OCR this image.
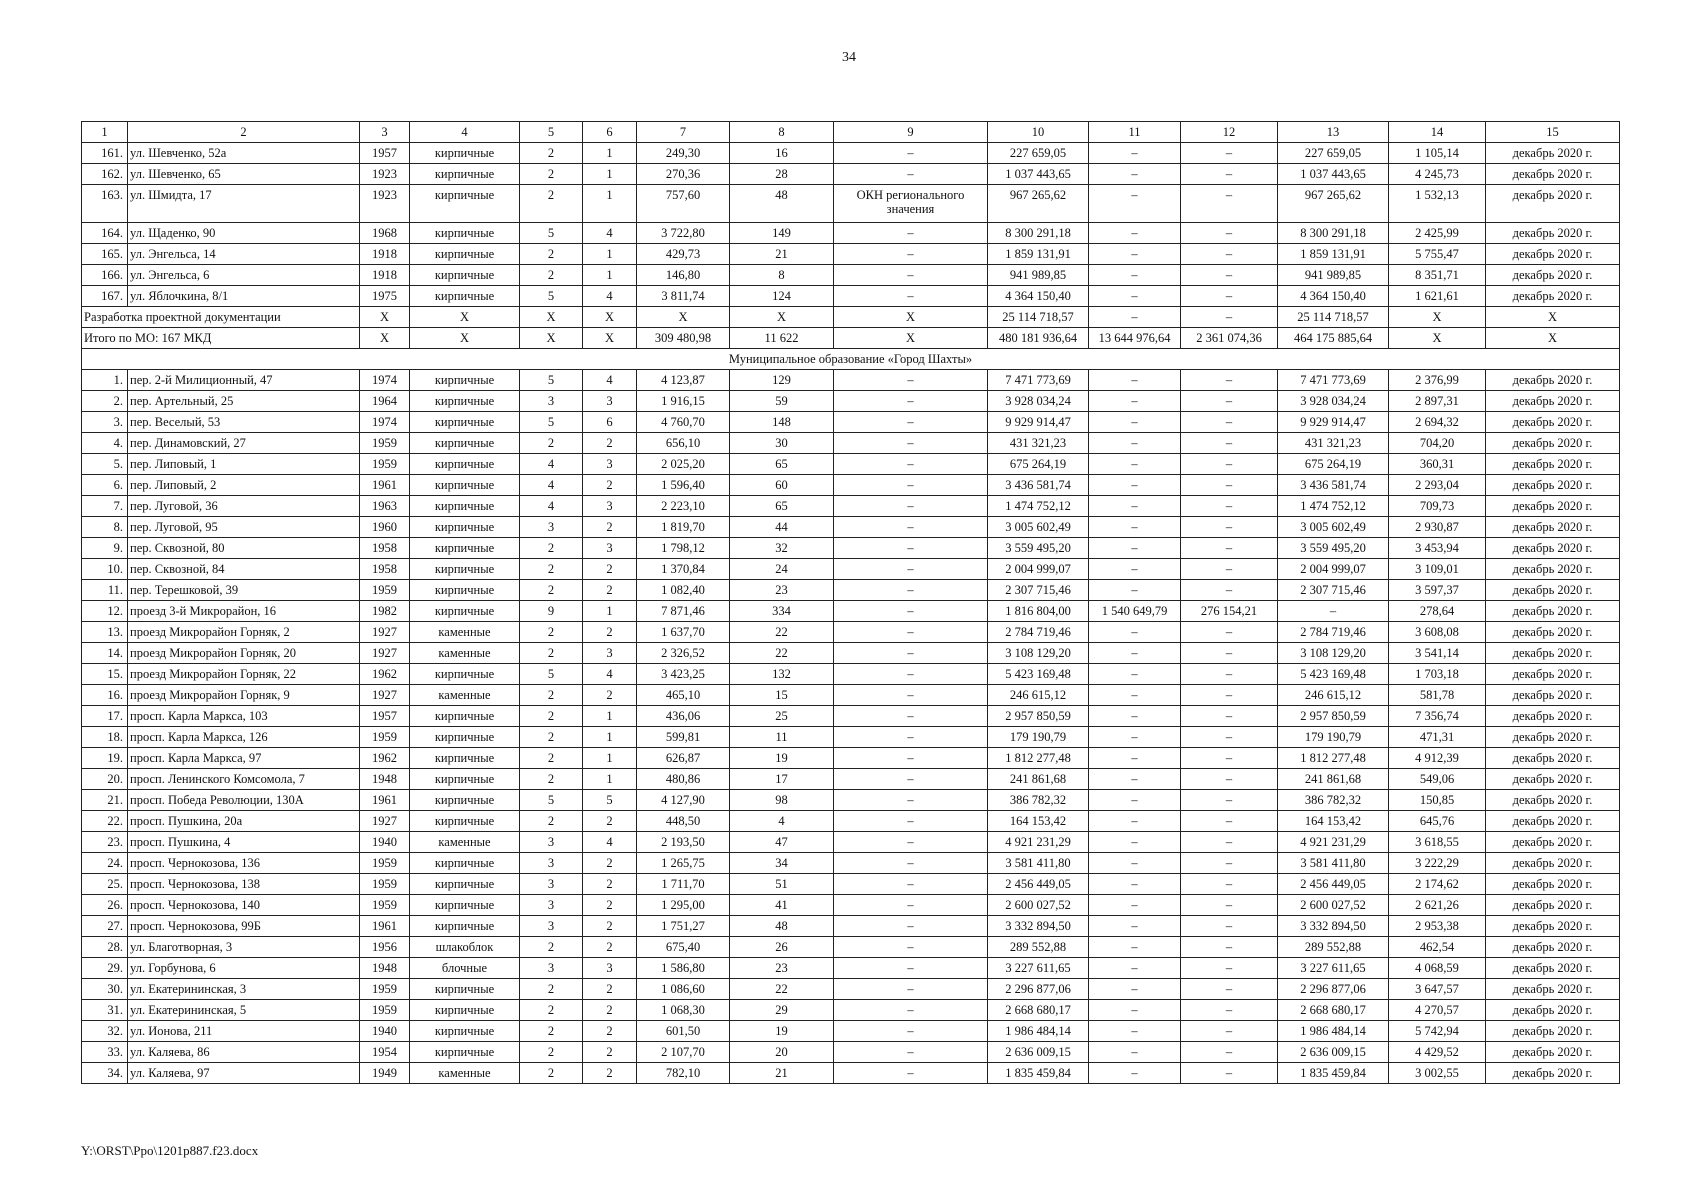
34
1	2	3	4	5	6	7	8	9	10	11	12	13	14	15
161.	ул. Шевченко, 52а	1957	кирпичные	2	1	249,30	16	–	227 659,05	–	–	227 659,05	1 105,14	декабрь 2020 г.
162.	ул. Шевченко, 65	1923	кирпичные	2	1	270,36	28	–	1 037 443,65	–	–	1 037 443,65	4 245,73	декабрь 2020 г.
163.	ул. Шмидта, 17	1923	кирпичные	2	1	757,60	48	ОКН регионального значения	967 265,62	–	–	967 265,62	1 532,13	декабрь 2020 г.
164.	ул. Щаденко, 90	1968	кирпичные	5	4	3 722,80	149	–	8 300 291,18	–	–	8 300 291,18	2 425,99	декабрь 2020 г.
165.	ул. Энгельса, 14	1918	кирпичные	2	1	429,73	21	–	1 859 131,91	–	–	1 859 131,91	5 755,47	декабрь 2020 г.
166.	ул. Энгельса, 6	1918	кирпичные	2	1	146,80	8	–	941 989,85	–	–	941 989,85	8 351,71	декабрь 2020 г.
167.	ул. Яблочкина, 8/1	1975	кирпичные	5	4	3 811,74	124	–	4 364 150,40	–	–	4 364 150,40	1 621,61	декабрь 2020 г.
Разработка проектной документации		Х	Х	Х	Х	Х	Х	Х	25 114 718,57	–	–	25 114 718,57	Х	Х
Итого по МО: 167 МКД		Х	Х	Х	Х	309 480,98	11 622	Х	480 181 936,64	13 644 976,64	2 361 074,36	464 175 885,64	Х	Х
Муниципальное образование «Город Шахты»														
1.	пер. 2-й Милиционный, 47	1974	кирпичные	5	4	4 123,87	129	–	7 471 773,69	–	–	7 471 773,69	2 376,99	декабрь 2020 г.
2.	пер. Артельный, 25	1964	кирпичные	3	3	1 916,15	59	–	3 928 034,24	–	–	3 928 034,24	2 897,31	декабрь 2020 г.
3.	пер. Веселый, 53	1974	кирпичные	5	6	4 760,70	148	–	9 929 914,47	–	–	9 929 914,47	2 694,32	декабрь 2020 г.
4.	пер. Динамовский, 27	1959	кирпичные	2	2	656,10	30	–	431 321,23	–	–	431 321,23	704,20	декабрь 2020 г.
5.	пер. Липовый, 1	1959	кирпичные	4	3	2 025,20	65	–	675 264,19	–	–	675 264,19	360,31	декабрь 2020 г.
6.	пер. Липовый, 2	1961	кирпичные	4	2	1 596,40	60	–	3 436 581,74	–	–	3 436 581,74	2 293,04	декабрь 2020 г.
7.	пер. Луговой, 36	1963	кирпичные	4	3	2 223,10	65	–	1 474 752,12	–	–	1 474 752,12	709,73	декабрь 2020 г.
8.	пер. Луговой, 95	1960	кирпичные	3	2	1 819,70	44	–	3 005 602,49	–	–	3 005 602,49	2 930,87	декабрь 2020 г.
9.	пер. Сквозной, 80	1958	кирпичные	2	3	1 798,12	32	–	3 559 495,20	–	–	3 559 495,20	3 453,94	декабрь 2020 г.
10.	пер. Сквозной, 84	1958	кирпичные	2	2	1 370,84	24	–	2 004 999,07	–	–	2 004 999,07	3 109,01	декабрь 2020 г.
11.	пер. Терешковой, 39	1959	кирпичные	2	2	1 082,40	23	–	2 307 715,46	–	–	2 307 715,46	3 597,37	декабрь 2020 г.
12.	проезд 3-й Микрорайон, 16	1982	кирпичные	9	1	7 871,46	334	–	1 816 804,00	1 540 649,79	276 154,21	–	278,64	декабрь 2020 г.
13.	проезд Микрорайон Горняк, 2	1927	каменные	2	2	1 637,70	22	–	2 784 719,46	–	–	2 784 719,46	3 608,08	декабрь 2020 г.
14.	проезд Микрорайон Горняк, 20	1927	каменные	2	3	2 326,52	22	–	3 108 129,20	–	–	3 108 129,20	3 541,14	декабрь 2020 г.
15.	проезд Микрорайон Горняк, 22	1962	кирпичные	5	4	3 423,25	132	–	5 423 169,48	–	–	5 423 169,48	1 703,18	декабрь 2020 г.
16.	проезд Микрорайон Горняк, 9	1927	каменные	2	2	465,10	15	–	246 615,12	–	–	246 615,12	581,78	декабрь 2020 г.
17.	просп. Карла Маркса, 103	1957	кирпичные	2	1	436,06	25	–	2 957 850,59	–	–	2 957 850,59	7 356,74	декабрь 2020 г.
18.	просп. Карла Маркса, 126	1959	кирпичные	2	1	599,81	11	–	179 190,79	–	–	179 190,79	471,31	декабрь 2020 г.
19.	просп. Карла Маркса, 97	1962	кирпичные	2	1	626,87	19	–	1 812 277,48	–	–	1 812 277,48	4 912,39	декабрь 2020 г.
20.	просп. Ленинского Комсомола, 7	1948	кирпичные	2	1	480,86	17	–	241 861,68	–	–	241 861,68	549,06	декабрь 2020 г.
21.	просп. Победа Революции, 130А	1961	кирпичные	5	5	4 127,90	98	–	386 782,32	–	–	386 782,32	150,85	декабрь 2020 г.
22.	просп. Пушкина, 20а	1927	кирпичные	2	2	448,50	4	–	164 153,42	–	–	164 153,42	645,76	декабрь 2020 г.
23.	просп. Пушкина, 4	1940	каменные	3	4	2 193,50	47	–	4 921 231,29	–	–	4 921 231,29	3 618,55	декабрь 2020 г.
24.	просп. Чернокозова, 136	1959	кирпичные	3	2	1 265,75	34	–	3 581 411,80	–	–	3 581 411,80	3 222,29	декабрь 2020 г.
25.	просп. Чернокозова, 138	1959	кирпичные	3	2	1 711,70	51	–	2 456 449,05	–	–	2 456 449,05	2 174,62	декабрь 2020 г.
26.	просп. Чернокозова, 140	1959	кирпичные	3	2	1 295,00	41	–	2 600 027,52	–	–	2 600 027,52	2 621,26	декабрь 2020 г.
27.	просп. Чернокозова, 99Б	1961	кирпичные	3	2	1 751,27	48	–	3 332 894,50	–	–	3 332 894,50	2 953,38	декабрь 2020 г.
28.	ул. Благотворная, 3	1956	шлакоблок	2	2	675,40	26	–	289 552,88	–	–	289 552,88	462,54	декабрь 2020 г.
29.	ул. Горбунова, 6	1948	блочные	3	3	1 586,80	23	–	3 227 611,65	–	–	3 227 611,65	4 068,59	декабрь 2020 г.
30.	ул. Екатерининская, 3	1959	кирпичные	2	2	1 086,60	22	–	2 296 877,06	–	–	2 296 877,06	3 647,57	декабрь 2020 г.
31.	ул. Екатерининская, 5	1959	кирпичные	2	2	1 068,30	29	–	2 668 680,17	–	–	2 668 680,17	4 270,57	декабрь 2020 г.
32.	ул. Ионова, 211	1940	кирпичные	2	2	601,50	19	–	1 986 484,14	–	–	1 986 484,14	5 742,94	декабрь 2020 г.
33.	ул. Каляева, 86	1954	кирпичные	2	2	2 107,70	20	–	2 636 009,15	–	–	2 636 009,15	4 429,52	декабрь 2020 г.
34.	ул. Каляева, 97	1949	каменные	2	2	782,10	21	–	1 835 459,84	–	–	1 835 459,84	3 002,55	декабрь 2020 г.
Y:\ORST\Ppo\1201p887.f23.docx
